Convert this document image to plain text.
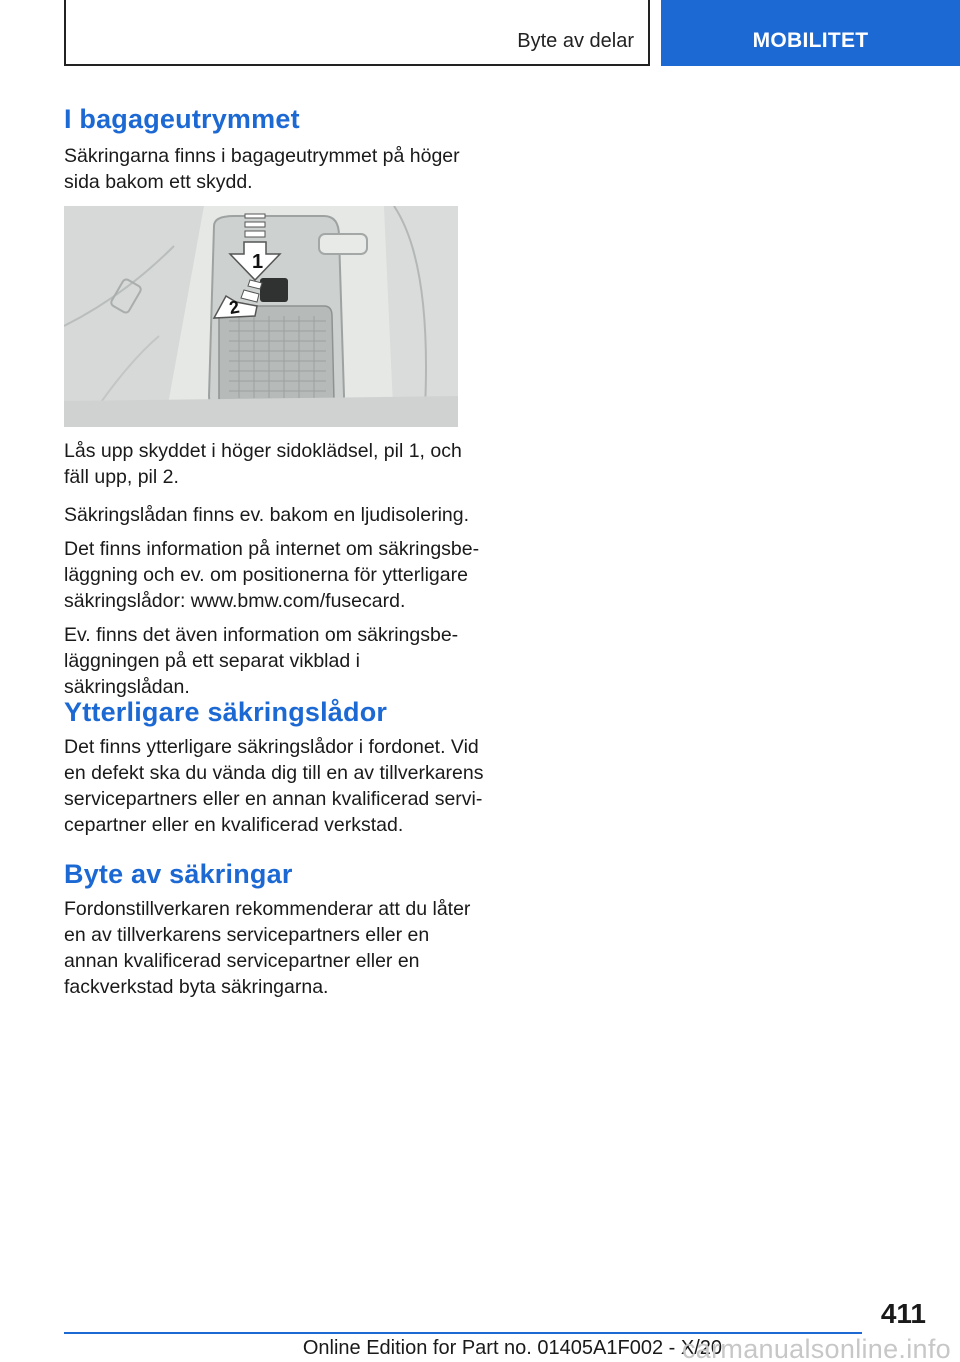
Byte av delar	MOBILITET
I bagageutrymmet

Säkringarna finns i bagageutrymmet på höger sida bakom ett skydd.

1
2

Lås upp skyddet i höger sidoklädsel, pil 1, och fäll upp, pil 2.

Säkringslådan finns ev. bakom en ljudisolering.

Det finns information på internet om säkringsbe-läggning och ev. om positionerna för ytterligare säkringslådor: www.bmw.com/fusecard.

Ev. finns det även information om säkringsbe-läggningen på ett separat vikblad i säkringslådan.

Ytterligare säkringslådor

Det finns ytterligare säkringslådor i fordonet. Vid en defekt ska du vända dig till en av tillverkarens servicepartners eller en annan kvalificerad servi-cepartner eller en kvalificerad verkstad.

Byte av säkringar

Fordonstillverkaren rekommenderar att du låter en av tillverkarens servicepartners eller en annan kvalificerad servicepartner eller en fackverkstad byta säkringarna.

411
Online Edition for Part no. 01405A1F002 - X/20
carmanualsonline.info
